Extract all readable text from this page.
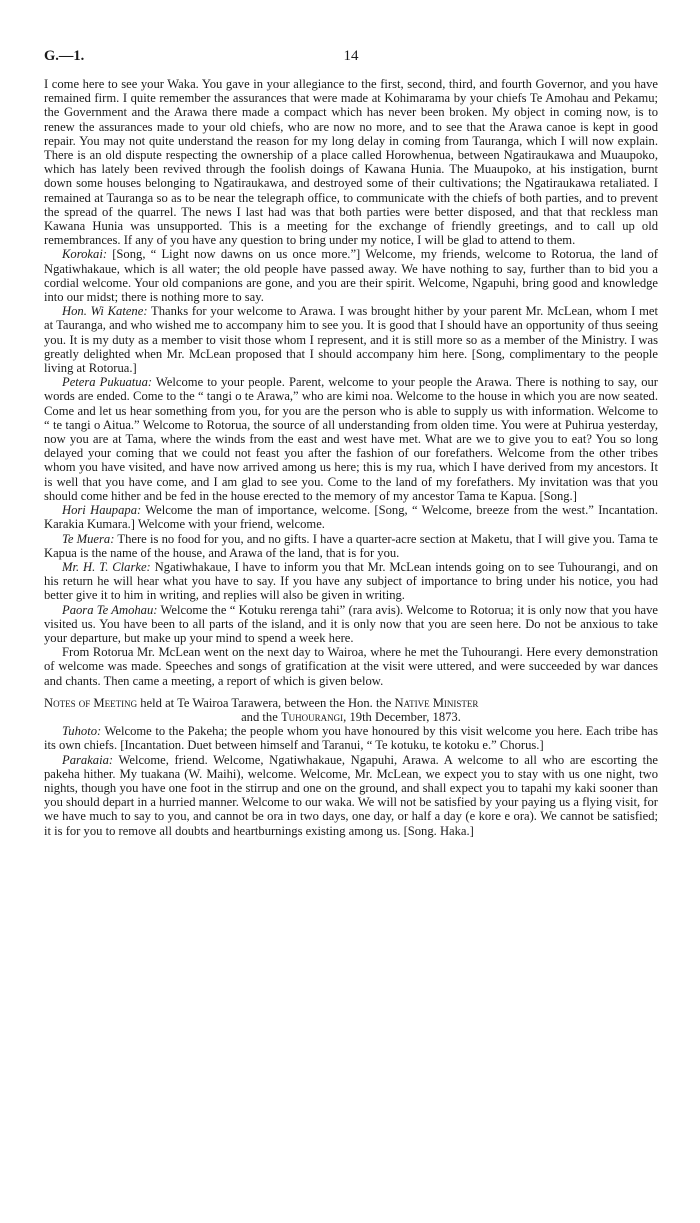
G.—1.	14

I come here to see your Waka. You gave in your allegiance to the first, second, third, and fourth Governor, and you have remained firm. I quite remember the assurances that were made at Kohimarama by your chiefs Te Amohau and Pekamu; the Government and the Arawa there made a compact which has never been broken. My object in coming now, is to renew the assurances made to your old chiefs, who are now no more, and to see that the Arawa canoe is kept in good repair. You may not quite understand the reason for my long delay in coming from Tauranga, which I will now explain. There is an old dispute respecting the ownership of a place called Horowhenua, between Ngatiraukawa and Muaupoko, which has lately been revived through the foolish doings of Kawana Hunia. The Muaupoko, at his instigation, burnt down some houses belonging to Ngatiraukawa, and destroyed some of their cultivations; the Ngatiraukawa retaliated. I remained at Tauranga so as to be near the telegraph office, to communicate with the chiefs of both parties, and to prevent the spread of the quarrel. The news I last had was that both parties were better disposed, and that that reckless man Kawana Hunia was unsupported. This is a meeting for the exchange of friendly greetings, and to call up old remembrances. If any of you have any question to bring under my notice, I will be glad to attend to them.

Korokai: [Song, “ Light now dawns on us once more.”] Welcome, my friends, welcome to Rotorua, the land of Ngatiwhakaue, which is all water; the old people have passed away. We have nothing to say, further than to bid you a cordial welcome. Your old companions are gone, and you are their spirit. Welcome, Ngapuhi, bring good and knowledge into our midst; there is nothing more to say.

Hon. Wi Katene: Thanks for your welcome to Arawa. I was brought hither by your parent Mr. McLean, whom I met at Tauranga, and who wished me to accompany him to see you. It is good that I should have an opportunity of thus seeing you. It is my duty as a member to visit those whom I represent, and it is still more so as a member of the Ministry. I was greatly delighted when Mr. McLean proposed that I should accompany him here. [Song, complimentary to the people living at Rotorua.]

Petera Pukuatua: Welcome to your people. Parent, welcome to your people the Arawa. There is nothing to say, our words are ended. Come to the “ tangi o te Arawa,” who are kimi noa. Welcome to the house in which you are now seated. Come and let us hear something from you, for you are the person who is able to supply us with information. Welcome to “ te tangi o Aitua.” Welcome to Rotorua, the source of all understanding from olden time. You were at Puhirua yesterday, now you are at Tama, where the winds from the east and west have met. What are we to give you to eat? You so long delayed your coming that we could not feast you after the fashion of our forefathers. Welcome from the other tribes whom you have visited, and have now arrived among us here; this is my rua, which I have derived from my ancestors. It is well that you have come, and I am glad to see you. Come to the land of my forefathers. My invitation was that you should come hither and be fed in the house erected to the memory of my ancestor Tama te Kapua. [Song.]

Hori Haupapa: Welcome the man of importance, welcome. [Song, “ Welcome, breeze from the west.” Incantation. Karakia Kumara.] Welcome with your friend, welcome.

Te Muera: There is no food for you, and no gifts. I have a quarter-acre section at Maketu, that I will give you. Tama te Kapua is the name of the house, and Arawa of the land, that is for you.

Mr. H. T. Clarke: Ngatiwhakaue, I have to inform you that Mr. McLean intends going on to see Tuhourangi, and on his return he will hear what you have to say. If you have any subject of importance to bring under his notice, you had better give it to him in writing, and replies will also be given in writing.

Paora Te Amohau: Welcome the “ Kotuku rerenga tahi” (rara avis). Welcome to Rotorua; it is only now that you have visited us. You have been to all parts of the island, and it is only now that you are seen here. Do not be anxious to take your departure, but make up your mind to spend a week here.

From Rotorua Mr. McLean went on the next day to Wairoa, where he met the Tuhourangi. Here every demonstration of welcome was made. Speeches and songs of gratification at the visit were uttered, and were succeeded by war dances and chants. Then came a meeting, a report of which is given below.

Notes of Meeting held at Te Wairoa Tarawera, between the Hon. the Native Minister

and the Tuhourangi, 19th December, 1873.

Tuhoto: Welcome to the Pakeha; the people whom you have honoured by this visit welcome you here. Each tribe has its own chiefs. [Incantation. Duet between himself and Taranui, “ Te kotuku, te kotoku e.” Chorus.]

Parakaia: Welcome, friend. Welcome, Ngatiwhakaue, Ngapuhi, Arawa. A welcome to all who are escorting the pakeha hither. My tuakana (W. Maihi), welcome. Welcome, Mr. McLean, we expect you to stay with us one night, two nights, though you have one foot in the stirrup and one on the ground, and shall expect you to tapahi my kaki sooner than you should depart in a hurried manner. Welcome to our waka. We will not be satisfied by your paying us a flying visit, for we have much to say to you, and cannot be ora in two days, one day, or half a day (e kore e ora). We cannot be satisfied; it is for you to remove all doubts and heartburnings existing among us. [Song. Haka.]
